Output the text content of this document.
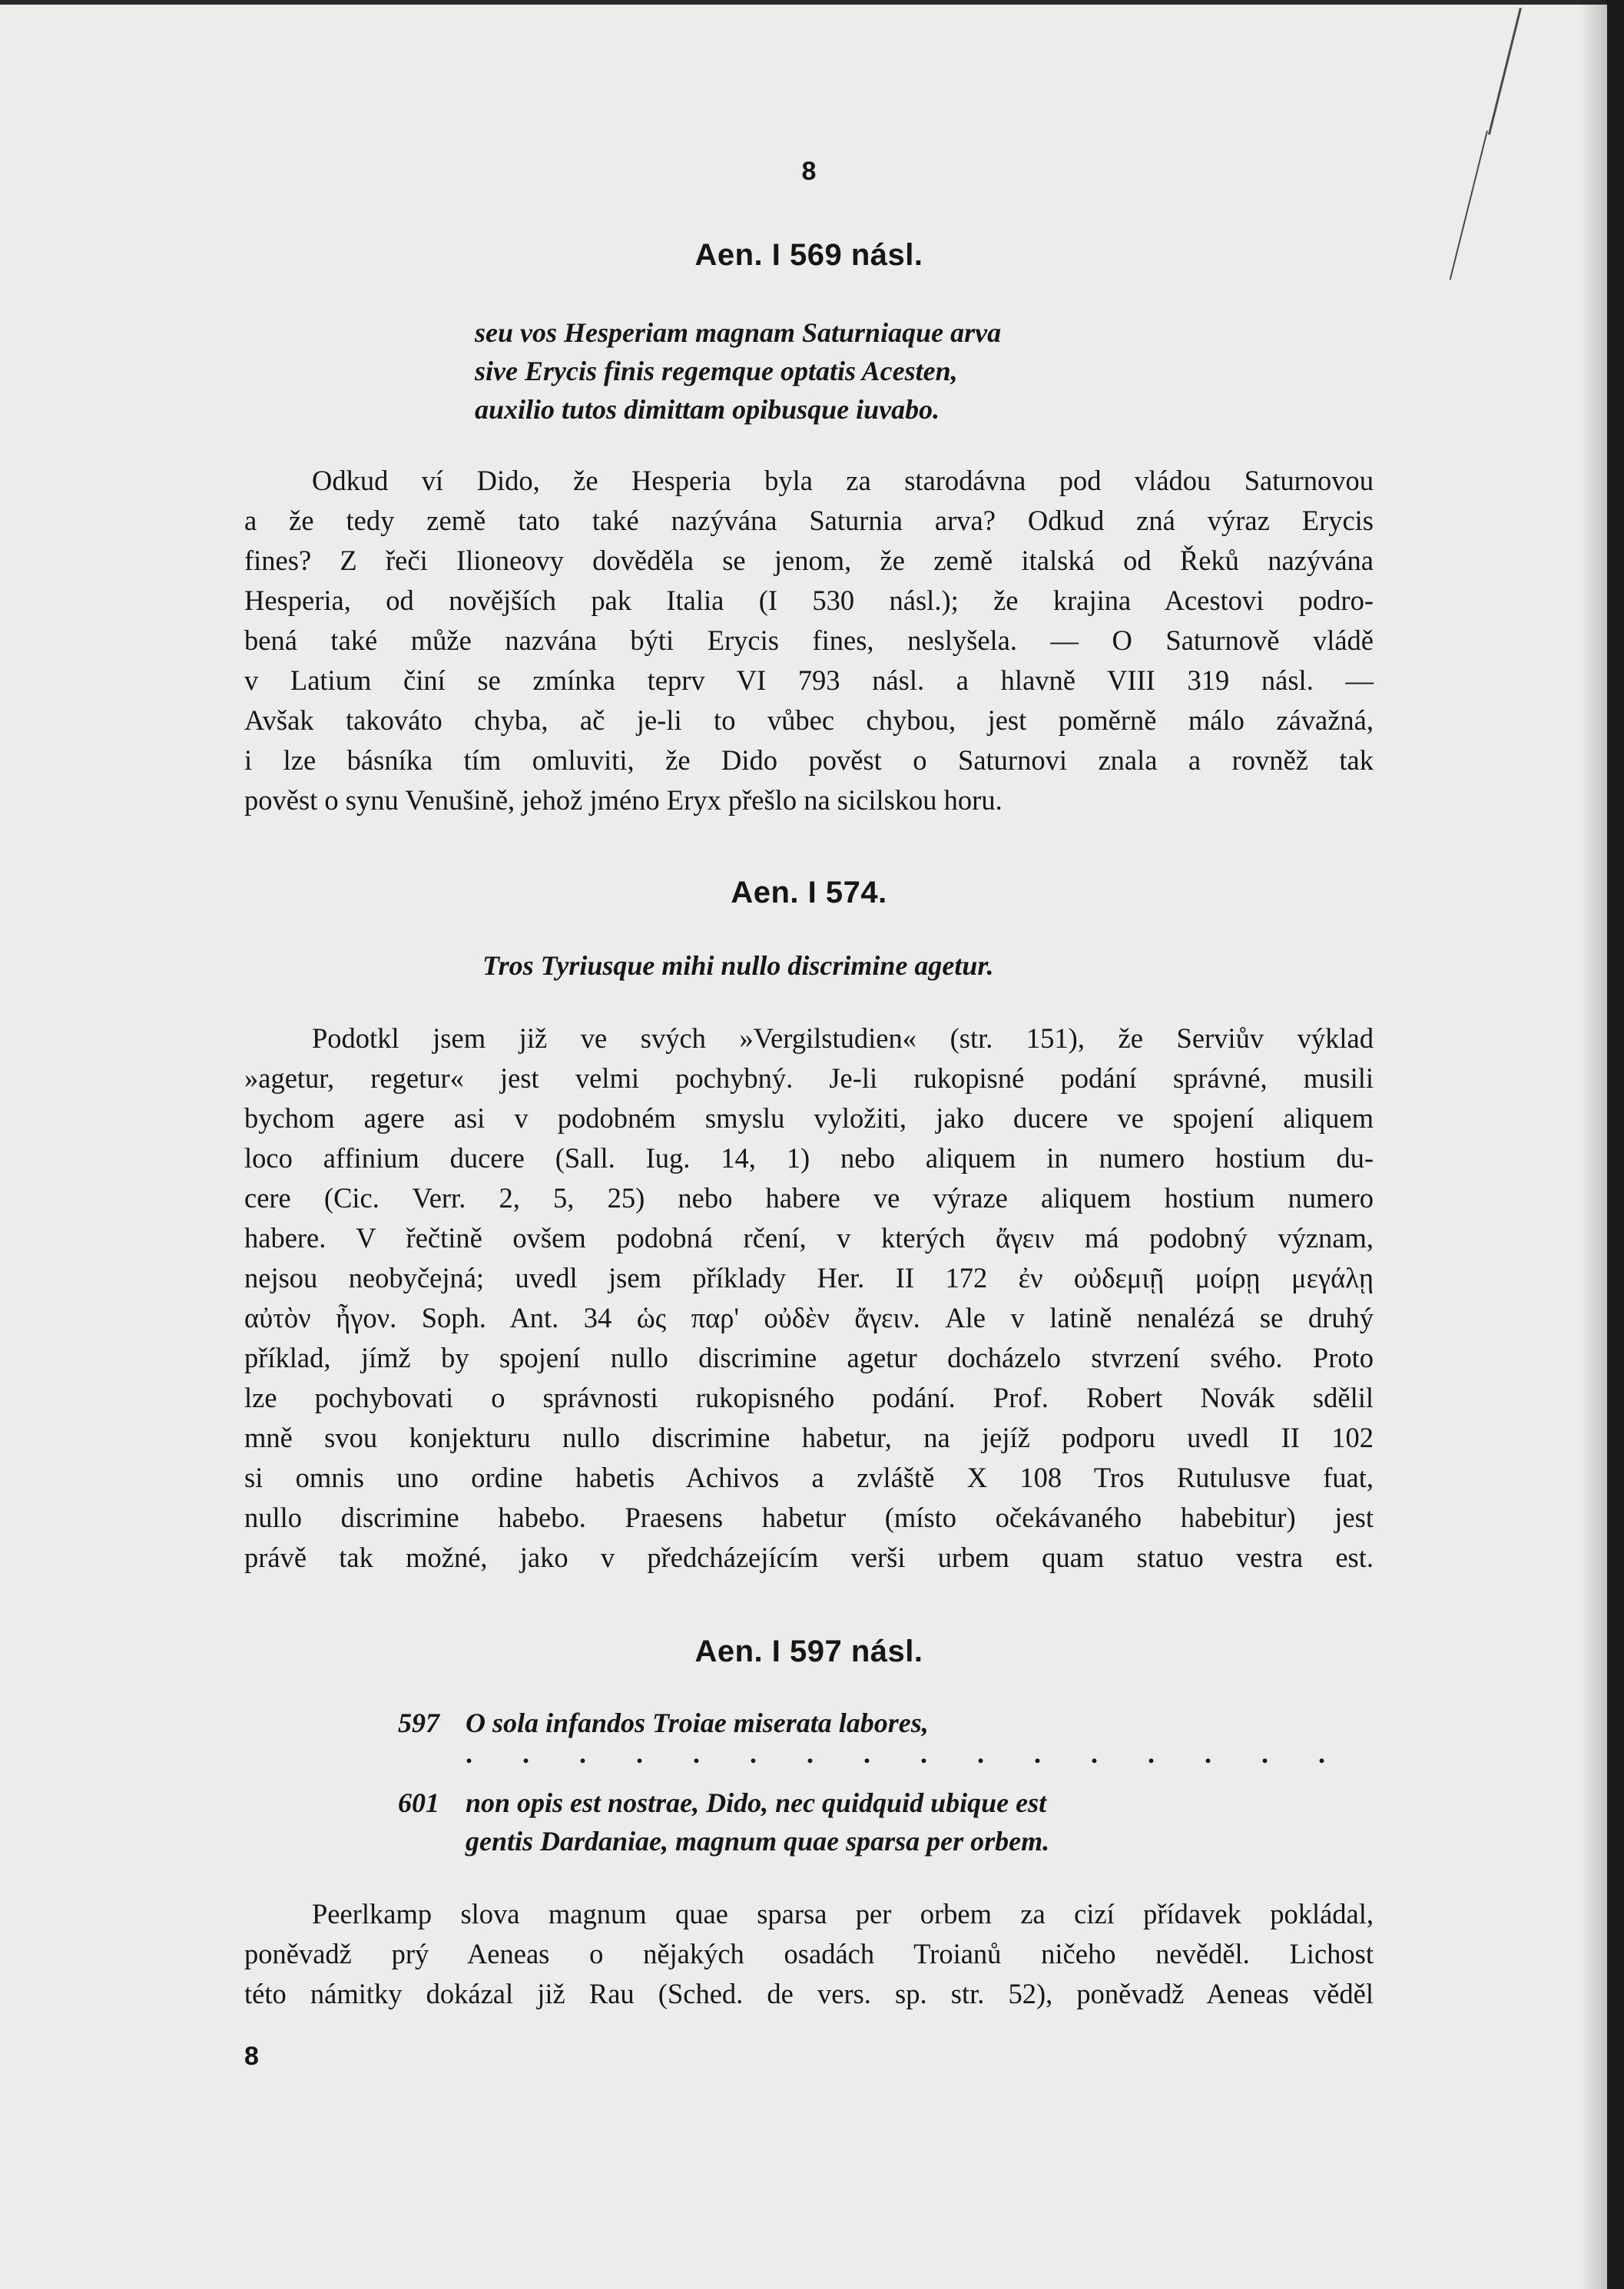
8
Aen. I 569 násl.
seu vos Hesperiam magnam Saturniaque arva
sive Erycis finis regemque optatis Acesten,
auxilio tutos dimittam opibusque iuvabo.
Odkud ví Dido, že Hesperia byla za starodávna pod vládou Saturnovou
a že tedy země tato také nazývána Saturnia arva? Odkud zná výraz Erycis
fines? Z řeči Ilioneovy dověděla se jenom, že země italská od Řeků nazývána
Hesperia, od novějších pak Italia (I 530 násl.); že krajina Acestovi podro-
bená také může nazvána býti Erycis fines, neslyšela. — O Saturnově vládě
v Latium činí se zmínka teprv VI 793 násl. a hlavně VIII 319 násl. —
Avšak takováto chyba, ač je-li to vůbec chybou, jest poměrně málo závažná,
i lze básníka tím omluviti, že Dido pověst o Saturnovi znala a rovněž tak
pověst o synu Venušině, jehož jméno Eryx přešlo na sicilskou horu.
Aen. I 574.
Tros Tyriusque mihi nullo discrimine agetur.
Podotkl jsem již ve svých »Vergilstudien« (str. 151), že Serviův výklad
»agetur, regetur« jest velmi pochybný. Je-li rukopisné podání správné, musili
bychom agere asi v podobném smyslu vyložiti, jako ducere ve spojení aliquem
loco affinium ducere (Sall. Iug. 14, 1) nebo aliquem in numero hostium du-
cere (Cic. Verr. 2, 5, 25) nebo habere ve výraze aliquem hostium numero
habere. V řečtině ovšem podobná rčení, v kterých ἄγειν má podobný význam,
nejsou neobyčejná; uvedl jsem příklady Her. II 172 ἐν οὐδεμιῇ μοίρῃ μεγάλῃ
αὐτὸν ἦγον. Soph. Ant. 34 ὡς παρ' οὐδὲν ἄγειν. Ale v latině nenalézá se druhý
příklad, jímž by spojení nullo discrimine agetur docházelo stvrzení svého. Proto
lze pochybovati o správnosti rukopisného podání. Prof. Robert Novák sdělil
mně svou konjekturu nullo discrimine habetur, na jejíž podporu uvedl II 102
si omnis uno ordine habetis Achivos a zvláště X 108 Tros Rutulusve fuat,
nullo discrimine habebo. Praesens habetur (místo očekávaného habebitur) jest
právě tak možné, jako v předcházejícím verši urbem quam statuo vestra est.
Aen. I 597 násl.
597 O sola infandos Troiae miserata labores,
. . . . . . . . . . . . . . . .
601 non opis est nostrae, Dido, nec quidquid ubique est
gentis Dardaniae, magnum quae sparsa per orbem.
Peerlkamp slova magnum quae sparsa per orbem za cizí přídavek pokládal,
poněvadž prý Aeneas o nějakých osadách Troianů ničeho nevěděl. Lichost
této námitky dokázal již Rau (Sched. de vers. sp. str. 52), poněvadž Aeneas věděl
8
